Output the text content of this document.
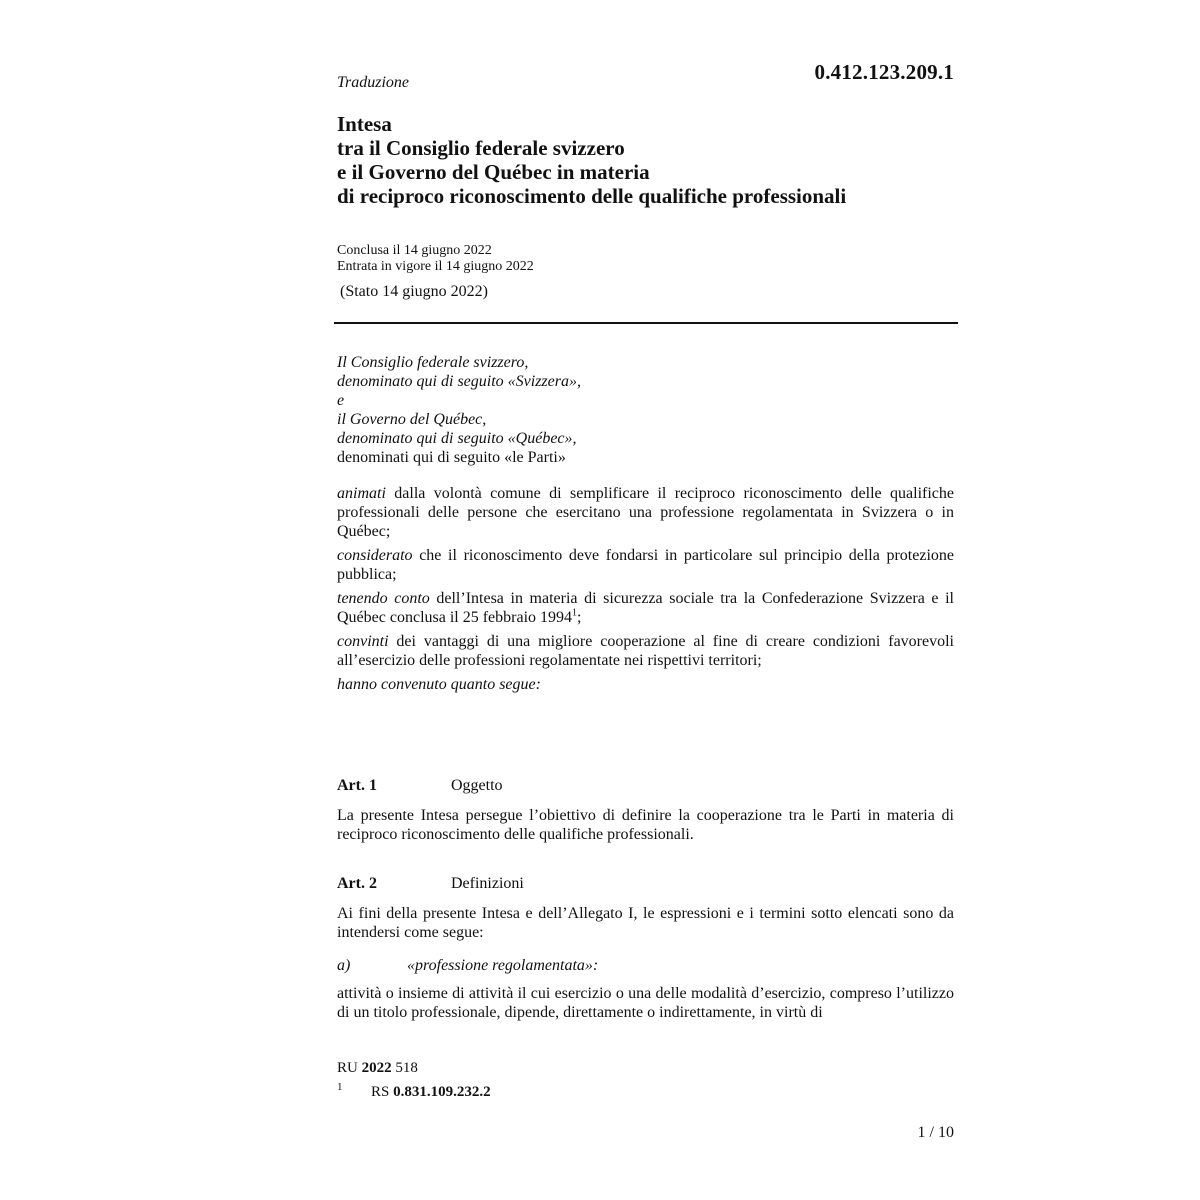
0.412.123.209.1
Traduzione
Intesa
tra il Consiglio federale svizzero
e il Governo del Québec in materia
di reciproco riconoscimento delle qualifiche professionali
Conclusa il 14 giugno 2022
Entrata in vigore il 14 giugno 2022
(Stato 14 giugno 2022)
Il Consiglio federale svizzero,
denominato qui di seguito «Svizzera»,
e
il Governo del Québec,
denominato qui di seguito «Québec»,
denominati qui di seguito «le Parti»

animati dalla volontà comune di semplificare il reciproco riconoscimento delle qualifiche professionali delle persone che esercitano una professione regolamentata in Svizzera o in Québec;

considerato che il riconoscimento deve fondarsi in particolare sul principio della protezione pubblica;

tenendo conto dell’Intesa in materia di sicurezza sociale tra la Confederazione Svizzera e il Québec conclusa il 25 febbraio 1994$^1$;

convinti dei vantaggi di una migliore cooperazione al fine di creare condizioni favorevoli all’esercizio delle professioni regolamentate nei rispettivi territori;

hanno convenuto quanto segue:

Art. 1	Oggetto

La presente Intesa persegue l’obiettivo di definire la cooperazione tra le Parti in materia di reciproco riconoscimento delle qualifiche professionali.

Art. 2	Definizioni

Ai fini della presente Intesa e dell’Allegato I, le espressioni e i termini sotto elencati sono da intendersi come segue:

a)	«professione regolamentata»:

attività o insieme di attività il cui esercizio o una delle modalità d’esercizio, compreso l’utilizzo di un titolo professionale, dipende, direttamente o indirettamente, in virtù di

RU 2022 518
1 RS 0.831.109.232.2
1 / 10
